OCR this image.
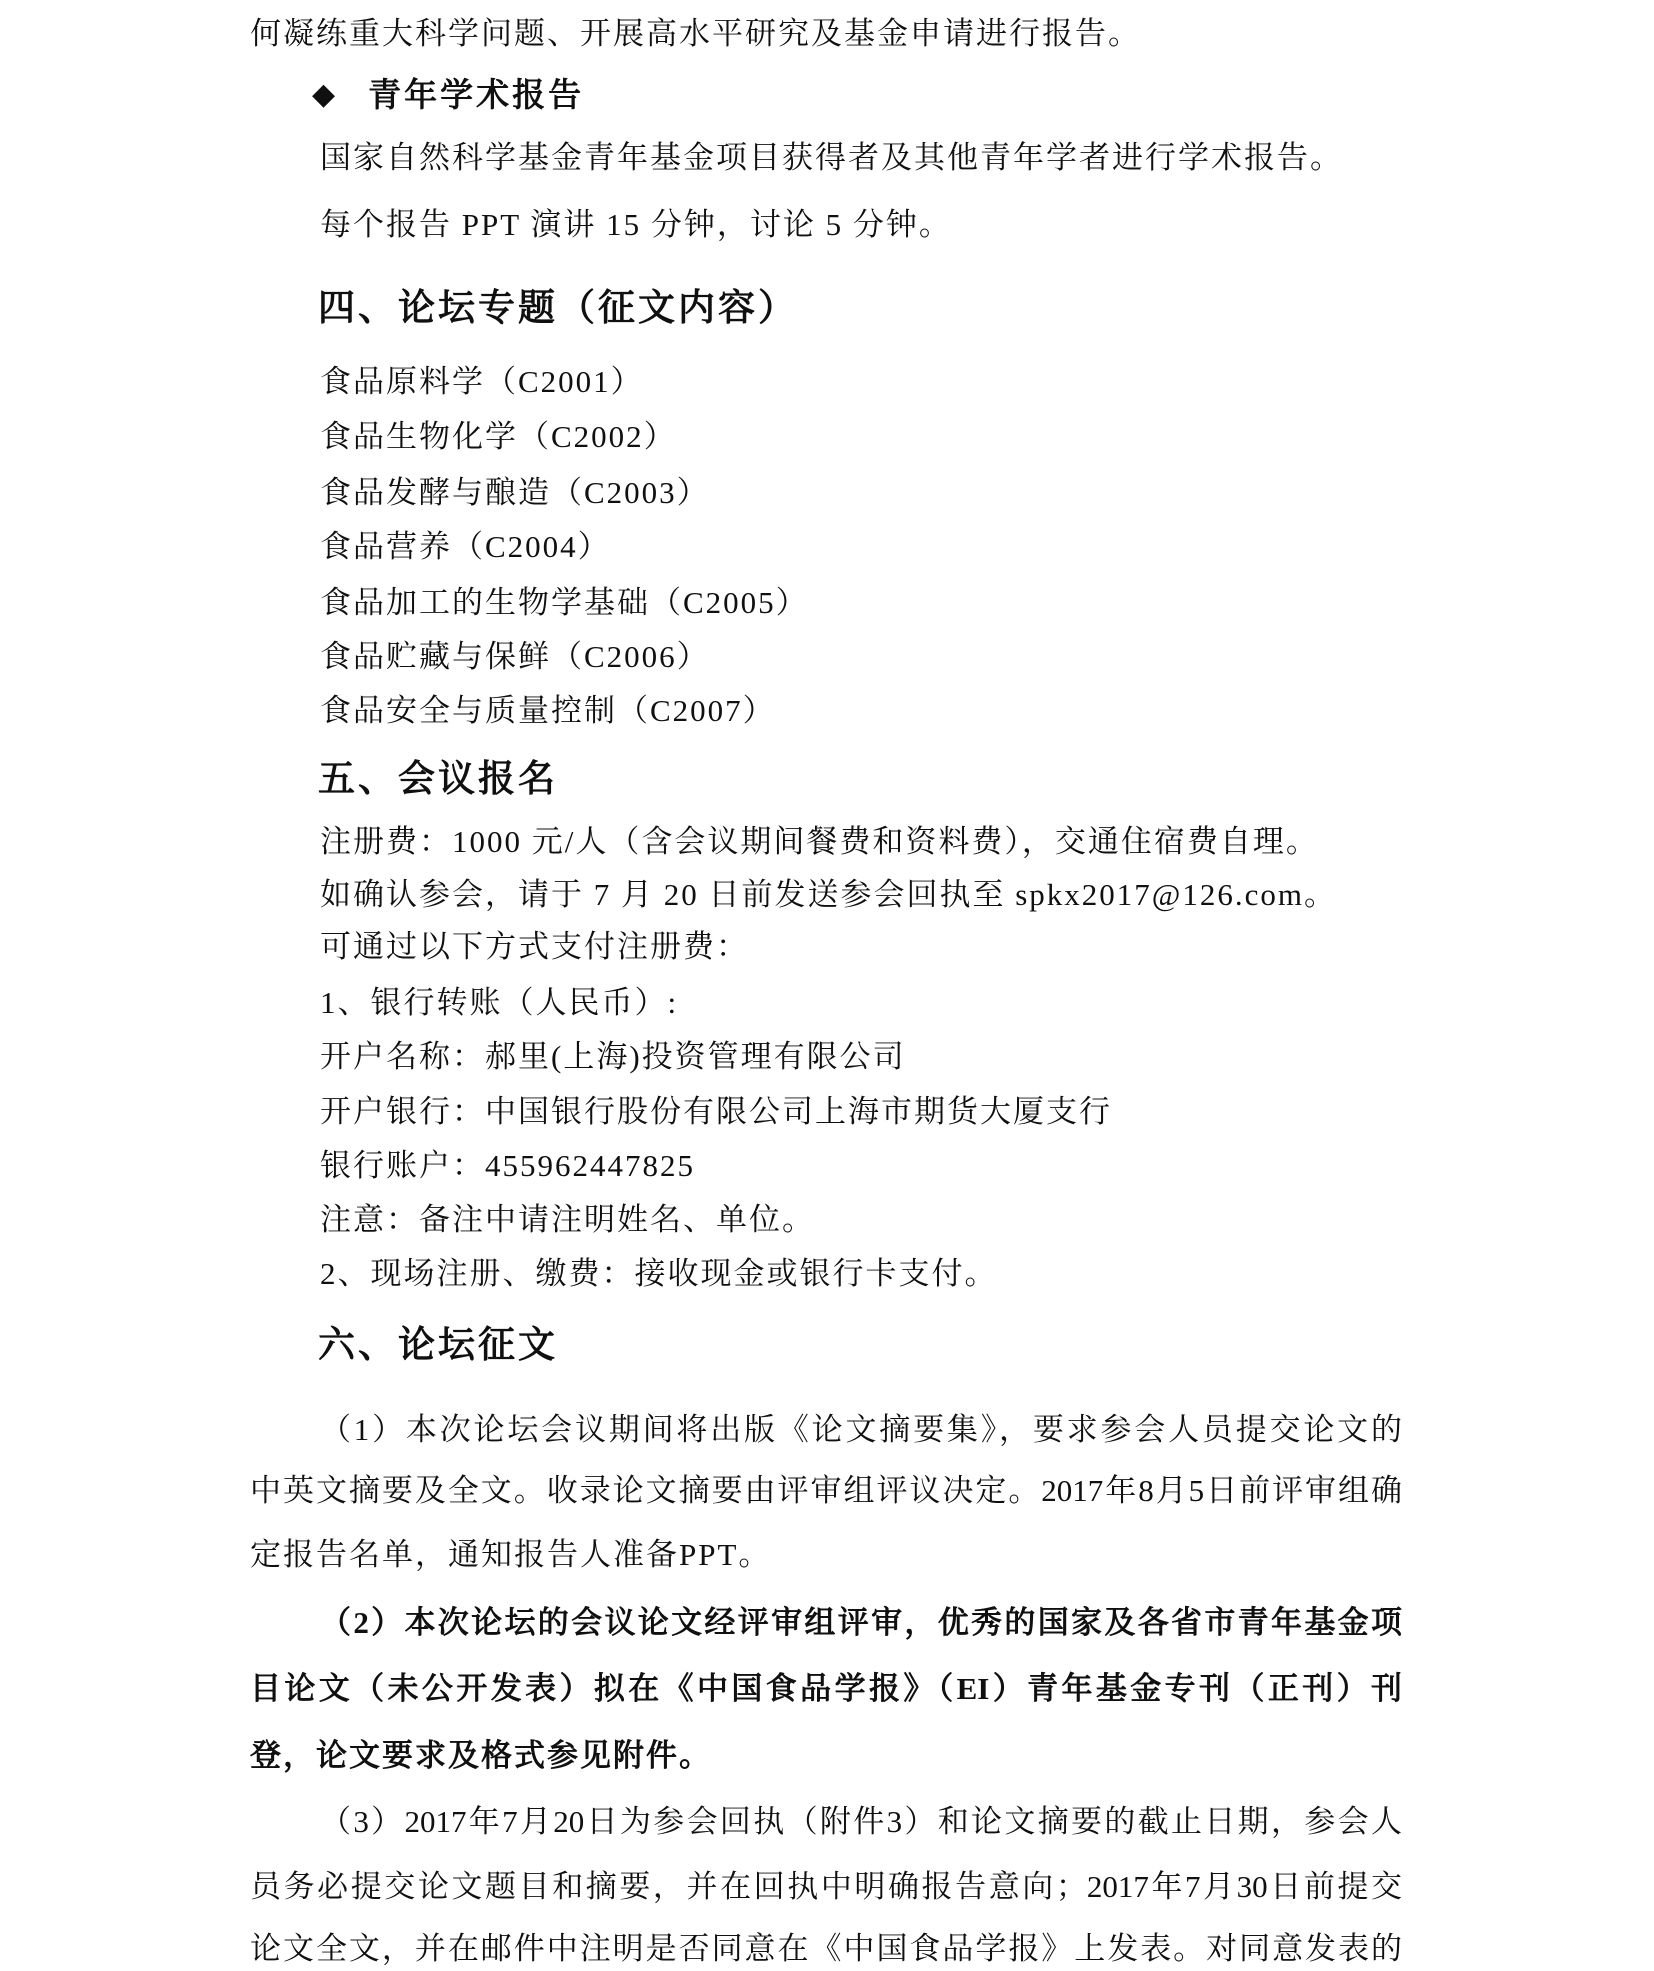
何凝练重大科学问题、开展高水平研究及基金申请进行报告。
◆ 青年学术报告
国家自然科学基金青年基金项目获得者及其他青年学者进行学术报告。
每个报告 PPT 演讲 15 分钟，讨论 5 分钟。
四、论坛专题（征文内容）
食品原料学（C2001）
食品生物化学（C2002）
食品发酵与酿造（C2003）
食品营养（C2004）
食品加工的生物学基础（C2005）
食品贮藏与保鲜（C2006）
食品安全与质量控制（C2007）
五、会议报名
注册费：1000 元/人（含会议期间餐费和资料费），交通住宿费自理。
如确认参会，请于 7 月 20 日前发送参会回执至 spkx2017@126.com。
可通过以下方式支付注册费：
1、银行转账（人民币）:
开户名称：郝里(上海)投资管理有限公司
开户银行：中国银行股份有限公司上海市期货大厦支行
银行账户：455962447825
注意：备注中请注明姓名、单位。
2、现场注册、缴费：接收现金或银行卡支付。
六、论坛征文
（1）本次论坛会议期间将出版《论文摘要集》，要求参会人员提交论文的
中英文摘要及全文。收录论文摘要由评审组评议决定。2017年8月5日前评审组确
定报告名单，通知报告人准备PPT。
（2）本次论坛的会议论文经评审组评审，优秀的国家及各省市青年基金项
目论文（未公开发表）拟在《中国食品学报》（EI）青年基金专刊（正刊）刊
登，论文要求及格式参见附件。
（3）2017年7月20日为参会回执（附件3）和论文摘要的截止日期，参会人
员务必提交论文题目和摘要，并在回执中明确报告意向；2017年7月30日前提交
论文全文，并在邮件中注明是否同意在《中国食品学报》上发表。对同意发表的
